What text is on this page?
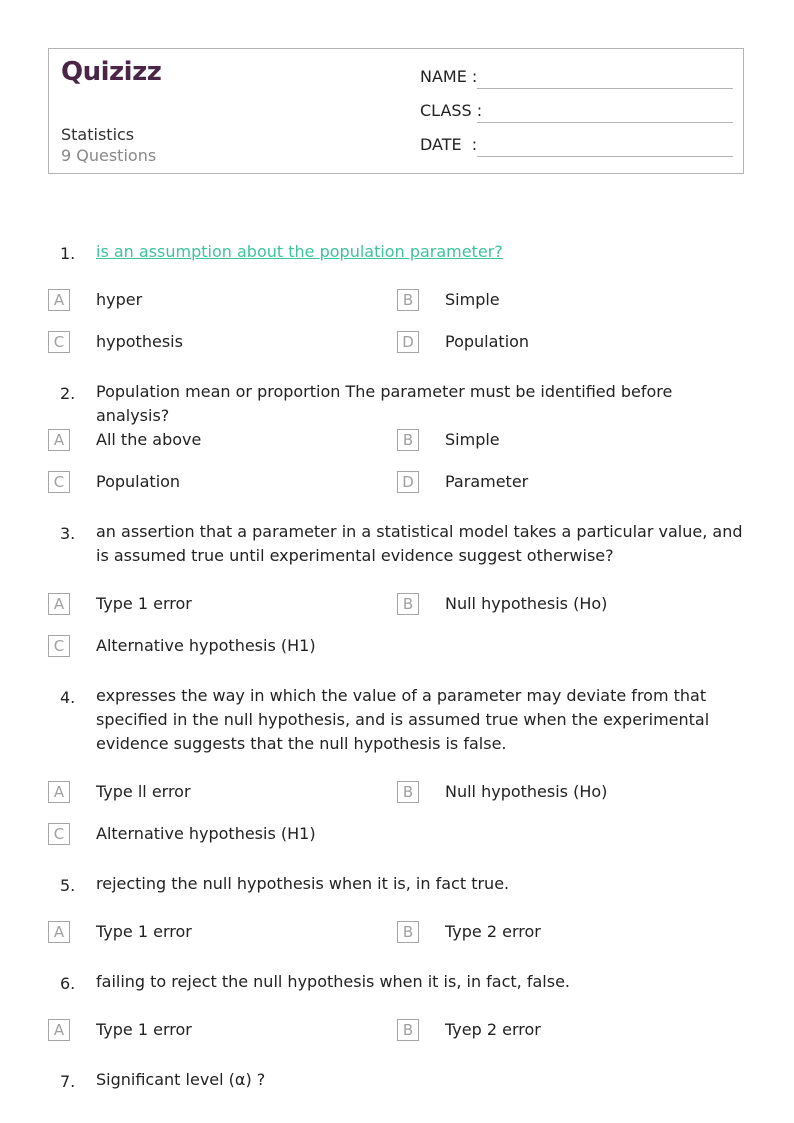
Quizizz
Statistics
9 Questions
NAME :
CLASS :
DATE  :
1. is an assumption about the population parameter?
A	hyper	B	Simple
C	hypothesis	D	Population
2. Population mean or proportion The parameter must be identified before analysis?
A	All the above	B	Simple
C	Population	D	Parameter
3. an assertion that a parameter in a statistical model takes a particular value, and is assumed true until experimental evidence suggest otherwise?
A	Type 1 error	B	Null hypothesis (Ho)
C	Alternative hypothesis (H1)
4. expresses the way in which the value of a parameter may deviate from that specified in the null hypothesis, and is assumed true when the experimental evidence suggests that the null hypothesis is false.
A	Type ll error	B	Null hypothesis (Ho)
C	Alternative hypothesis (H1)
5. rejecting the null hypothesis when it is, in fact true.
A	Type 1 error	B	Type 2 error
6. failing to reject the null hypothesis when it is, in fact, false.
A	Type 1 error	B	Tyep 2 error
7. Significant level (α) ?
